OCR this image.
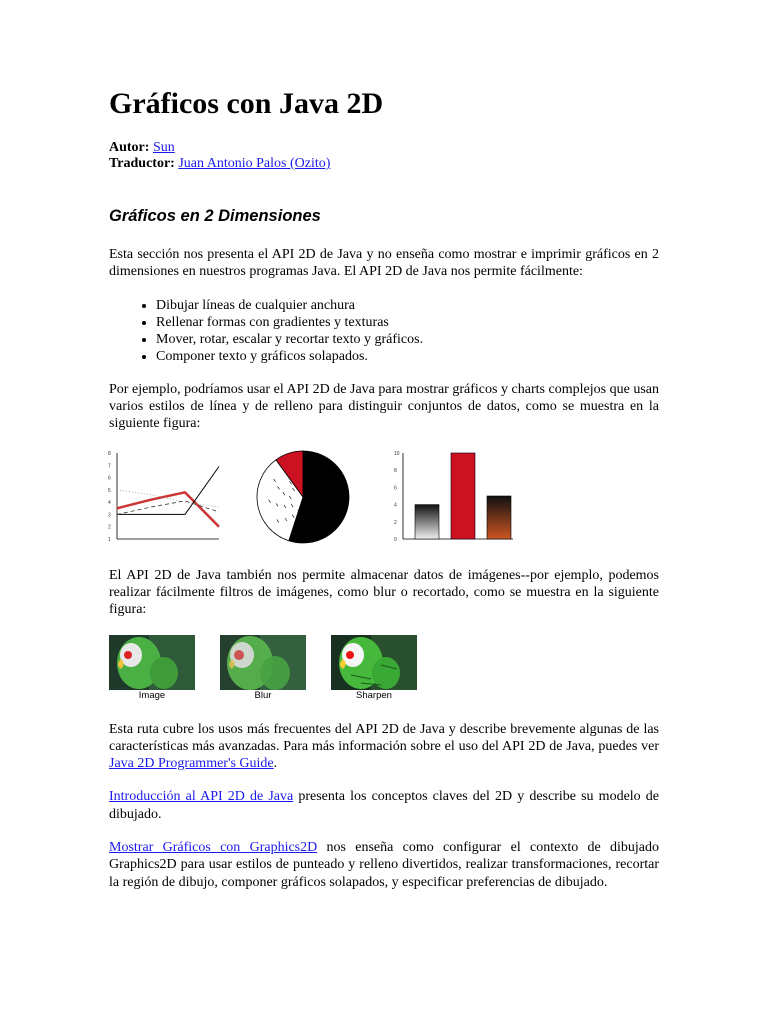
Gráficos con Java 2D
Autor: Sun
Traductor: Juan Antonio Palos (Ozito)
Gráficos en 2 Dimensiones

Esta sección nos presenta el API 2D de Java y no enseña como mostrar e imprimir gráficos en 2 dimensiones en nuestros programas Java. El API 2D de Java nos permite fácilmente:

• Dibujar líneas de cualquier anchura
• Rellenar formas con gradientes y texturas
• Mover, rotar, escalar y recortar texto y gráficos.
• Componer texto y gráficos solapados.

Por ejemplo, podríamos usar el API 2D de Java para mostrar gráficos y charts complejos que usan varios estilos de línea y de relleno para distinguir conjuntos de datos, como se muestra en la siguiente figura:

1
2
3
4
5
6
7
8
0
2
4
6
8
10

El API 2D de Java también nos permite almacenar datos de imágenes--por ejemplo, podemos realizar fácilmente filtros de imágenes, como blur o recortado, como se muestra en la siguiente figura:

Image	Blur	Sharpen

Esta ruta cubre los usos más frecuentes del API 2D de Java y describe brevemente algunas de las características más avanzadas. Para más información sobre el uso del API 2D de Java, puedes ver Java 2D Programmer's Guide.

Introducción al API 2D de Java presenta los conceptos claves del 2D y describe su modelo de dibujado.

Mostrar Gráficos con Graphics2D nos enseña como configurar el contexto de dibujado Graphics2D para usar estilos de punteado y relleno divertidos, realizar transformaciones, recortar la región de dibujo, componer gráficos solapados, y especificar preferencias de dibujado.
